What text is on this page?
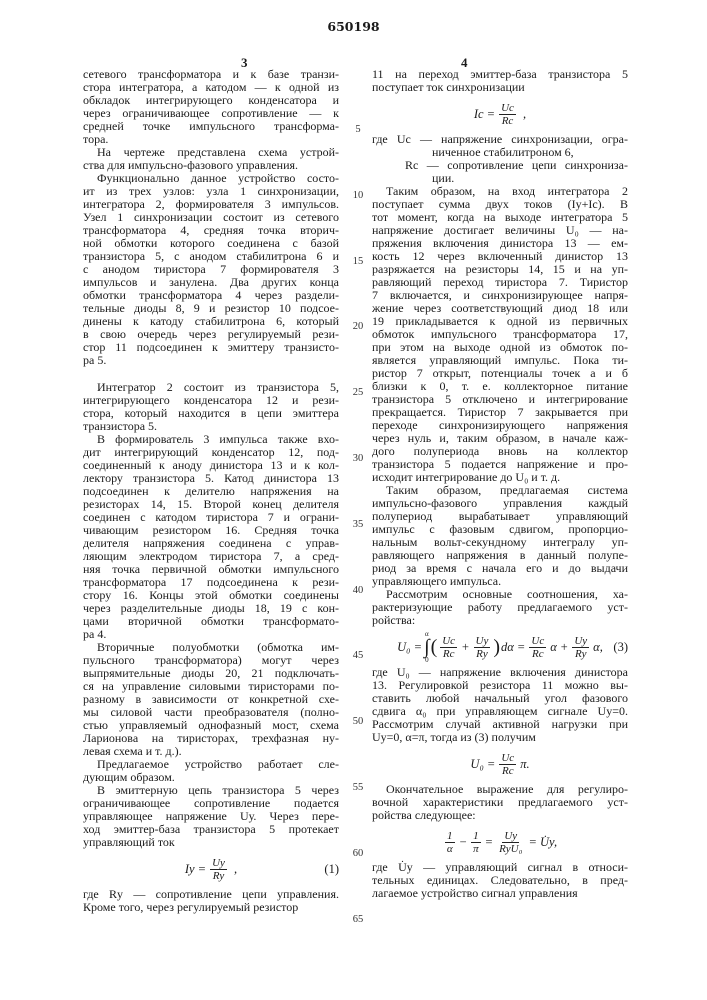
650198
3	4
сетевого трансформатора и к базе транзи-
стора интегратора, а катодом — к одной из
обкладок интегрирующего конденсатора и
через ограничивающее сопротивление — к
средней точке импульсного трансформа-
тора.
На чертеже представлена схема устрой-
ства для импульсно-фазового управления.
Функционально данное устройство состо-
ит из трех узлов: узла 1 синхронизации,
интегратора 2, формирователя 3 импульсов.
Узел 1 синхронизации состоит из сетевого
трансформатора 4, средняя точка вторич-
ной обмотки которого соединена с базой
транзистора 5, с анодом стабилитрона 6 и
с анодом тиристора 7 формирователя 3
импульсов и занулена. Два других конца
обмотки трансформатора 4 через раздели-
тельные диоды 8, 9 и резистор 10 подсое-
динены к катоду стабилитрона 6, который
в свою очередь через регулируемый рези-
стор 11 подсоединен к эмиттеру транзисто-
ра 5.
Интегратор 2 состоит из транзистора 5,
интегрирующего конденсатора 12 и рези-
стора, который находится в цепи эмиттера
транзистора 5.
В формирователь 3 импульса также вхо-
дит интегрирующий конденсатор 12, под-
соединенный к аноду динистора 13 и к кол-
лектору транзистора 5. Катод динистора 13
подсоединен к делителю напряжения на
резисторах 14, 15. Второй конец делителя
соединен с катодом тиристора 7 и ограни-
чивающим резистором 16. Средняя точка
делителя напряжения соединена с управ-
ляющим электродом тиристора 7, а сред-
няя точка первичной обмотки импульсного
трансформатора 17 подсоединена к рези-
стору 16. Концы этой обмотки соединены
через разделительные диоды 18, 19 с кон-
цами вторичной обмотки трансформато-
ра 4.
Вторичные полуобмотки (обмотка им-
пульсного трансформатора) могут через
выпрямительные диоды 20, 21 подключать-
ся на управление силовыми тиристорами по-
разному в зависимости от конкретной схе-
мы силовой части преобразователя (полно-
стью управляемый однофазный мост, схема
Ларионова на тиристорах, трехфазная ну-
левая схема и т. д.).
Предлагаемое устройство работает сле-
дующим образом.
В эмиттерную цепь транзистора 5 через
ограничивающее сопротивление подается
управляющее напряжение Uу. Через пере-
ход эмиттер-база транзистора 5 протекает
управляющий ток
Iу = Uу
Rу ,	(1)
где Rу — сопротивление цепи управления.
Кроме того, через регулируемый резистор
5
10
15
20
25
30
35
40
45
50
55
60
65
11 на переход эмиттер-база транзистора 5
поступает ток синхронизации
Iс = Uс
Rс ,
где Uс — напряжение синхронизации, огра-
ниченное стабилитроном 6,
Rс — сопротивление цепи синхрониза-
ции.
Таким образом, на вход интегратора 2
поступает сумма двух токов (Iу+Iс). В
тот момент, когда на выходе интегратора 5
напряжение достигает величины U₀ — на-
пряжения включения динистора 13 — ем-
кость 12 через включенный динистор 13
разряжается на резисторы 14, 15 и на уп-
равляющий переход тиристора 7. Тиристор
7 включается, и синхронизирующее напря-
жение через соответствующий диод 18 или
19 прикладывается к одной из первичных
обмоток импульсного трансформатора 17,
при этом на выходе одной из обмоток по-
является управляющий импульс. Пока ти-
ристор 7 открыт, потенциалы точек а и б
близки к 0, т. е. коллекторное питание
транзистора 5 отключено и интегрирование
прекращается. Тиристор 7 закрывается при
переходе синхронизирующего напряжения
через нуль и, таким образом, в начале каж-
дого полупериода вновь на коллектор
транзистора 5 подается напряжение и про-
исходит интегрирование до U₀ и т. д.
Таким образом, предлагаемая система
импульсно-фазового управления каждый
полупериод вырабатывает управляющий
импульс с фазовым сдвигом, пропорцио-
нальным вольт-секундному интегралу уп-
равляющего напряжения в данный полупе-
риод за время с начала его и до выдачи
управляющего импульса.
Рассмотрим основные соотношения, ха-
рактеризующие работу предлагаемого уст-
ройства:
U₀ =
α
∫
0
( Uс
Rс + Uу
Rу ) dα = Uс
Rс α + Uу
Rу α, (3)
где U₀ — напряжение включения динистора
13. Регулировкой резистора 11 можно вы-
ставить любой начальный угол фазового
сдвига α₀ при управляющем сигнале Uу=0.
Рассмотрим случай активной нагрузки при
Uу=0, α=π, тогда из (3) получим
U₀ = Uс
Rс π.
Окончательное выражение для регулиро-
вочной характеристики предлагаемого уст-
ройства следующее:
1
α − 1
π = Uу
RуU₀ = U̇у,
где U̇у — управляющий сигнал в относи-
тельных единицах. Следовательно, в пред-
лагаемое устройство сигнал управления
